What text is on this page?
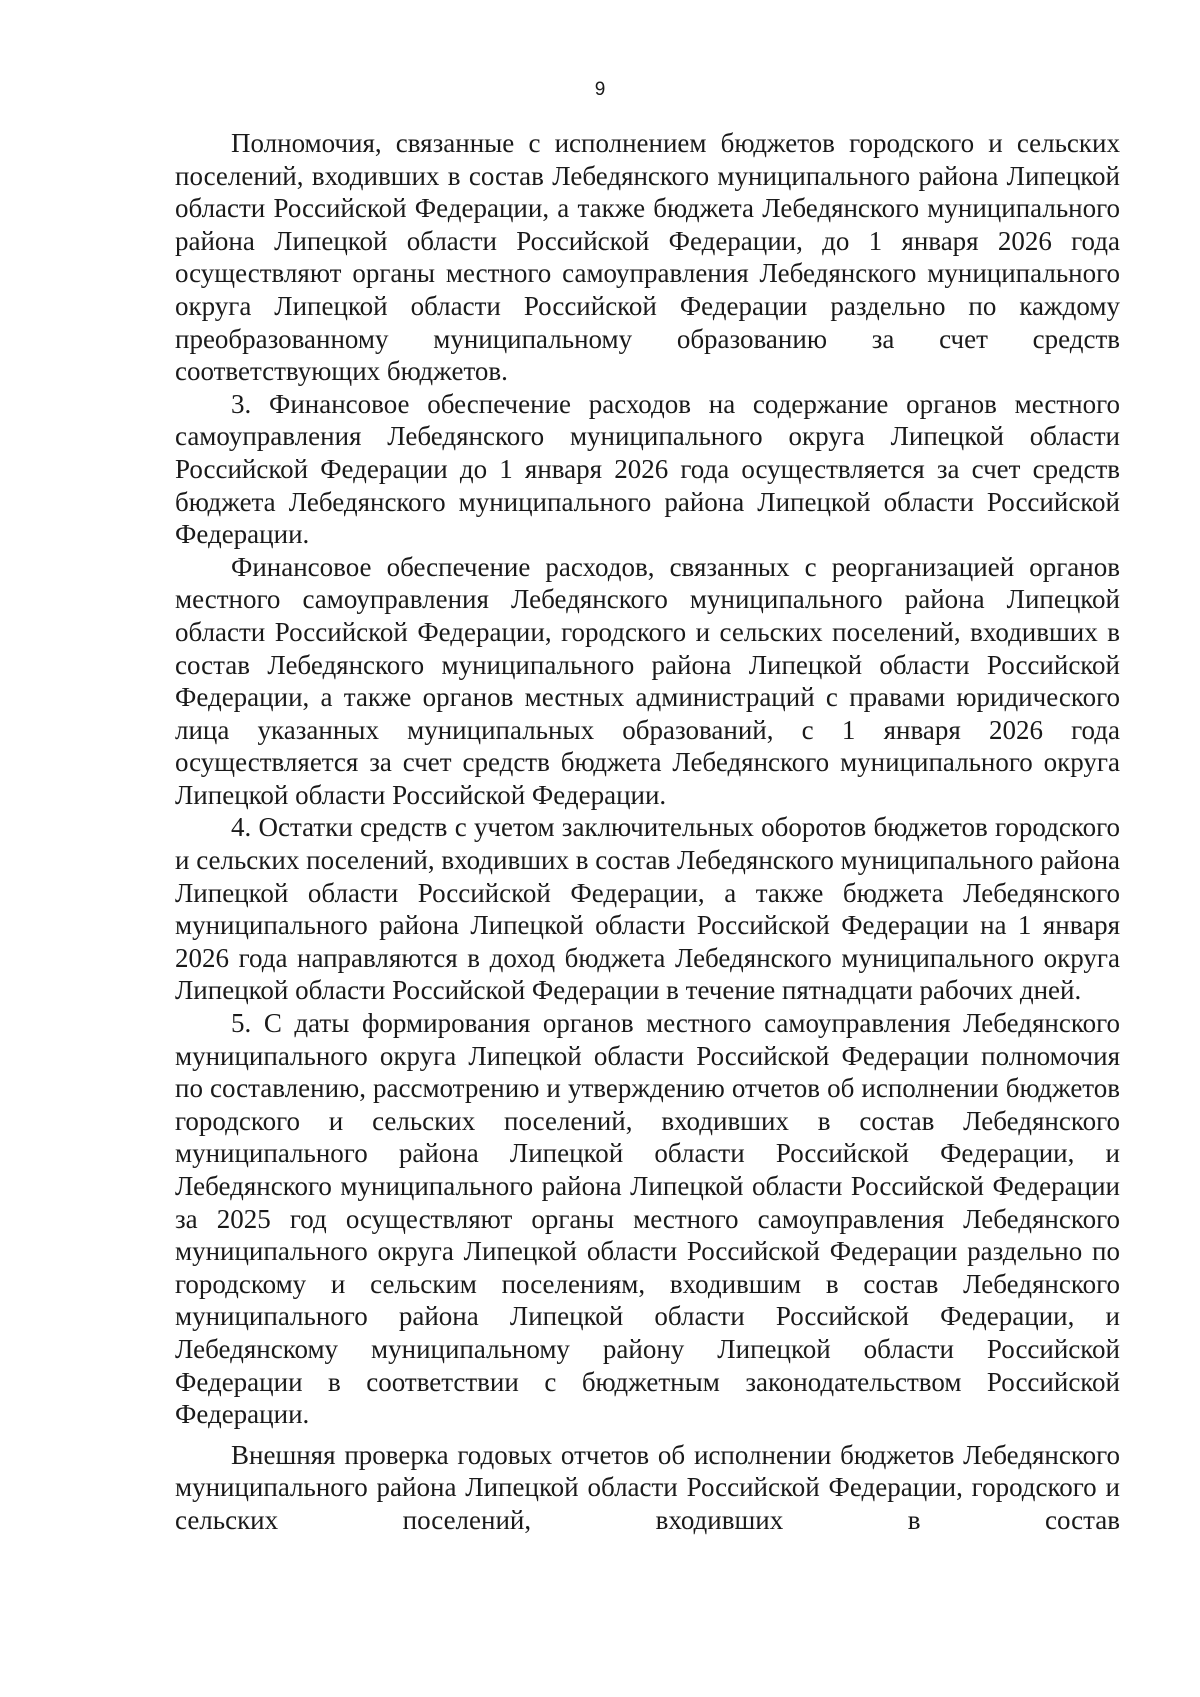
9

Полномочия, связанные с исполнением бюджетов городского и сельских поселений, входивших в состав Лебедянского муниципального района Липецкой области Российской Федерации, а также бюджета Лебедянского муниципального района Липецкой области Российской Федерации, до 1 января 2026 года осуществляют органы местного самоуправления Лебедянского муниципального округа Липецкой области Российской Федерации раздельно по каждому преобразованному муниципальному образованию за счет средств соответствующих бюджетов.

3. Финансовое обеспечение расходов на содержание органов местного самоуправления Лебедянского муниципального округа Липецкой области Российской Федерации до 1 января 2026 года осуществляется за счет средств бюджета Лебедянского муниципального района Липецкой области Российской Федерации.

Финансовое обеспечение расходов, связанных с реорганизацией органов местного самоуправления Лебедянского муниципального района Липецкой области Российской Федерации, городского и сельских поселений, входивших в состав Лебедянского муниципального района Липецкой области Российской Федерации, а также органов местных администраций с правами юридического лица указанных муниципальных образований, с 1 января 2026 года осуществляется за счет средств бюджета Лебедянского муниципального округа Липецкой области Российской Федерации.

4. Остатки средств с учетом заключительных оборотов бюджетов городского и сельских поселений, входивших в состав Лебедянского муниципального района Липецкой области Российской Федерации, а также бюджета Лебедянского муниципального района Липецкой области Российской Федерации на 1 января 2026 года направляются в доход бюджета Лебедянского муниципального округа Липецкой области Российской Федерации в течение пятнадцати рабочих дней.

5. С даты формирования органов местного самоуправления Лебедянского муниципального округа Липецкой области Российской Федерации полномочия по составлению, рассмотрению и утверждению отчетов об исполнении бюджетов городского и сельских поселений, входивших в состав Лебедянского муниципального района Липецкой области Российской Федерации, и Лебедянского муниципального района Липецкой области Российской Федерации за 2025 год осуществляют органы местного самоуправления Лебедянского муниципального округа Липецкой области Российской Федерации раздельно по городскому и сельским поселениям, входившим в состав Лебедянского муниципального района Липецкой области Российской Федерации, и Лебедянскому муниципальному району Липецкой области Российской Федерации в соответствии с бюджетным законодательством Российской Федерации.

Внешняя проверка годовых отчетов об исполнении бюджетов Лебедянского муниципального района Липецкой области Российской Федерации, городского и сельских поселений, входивших в состав
